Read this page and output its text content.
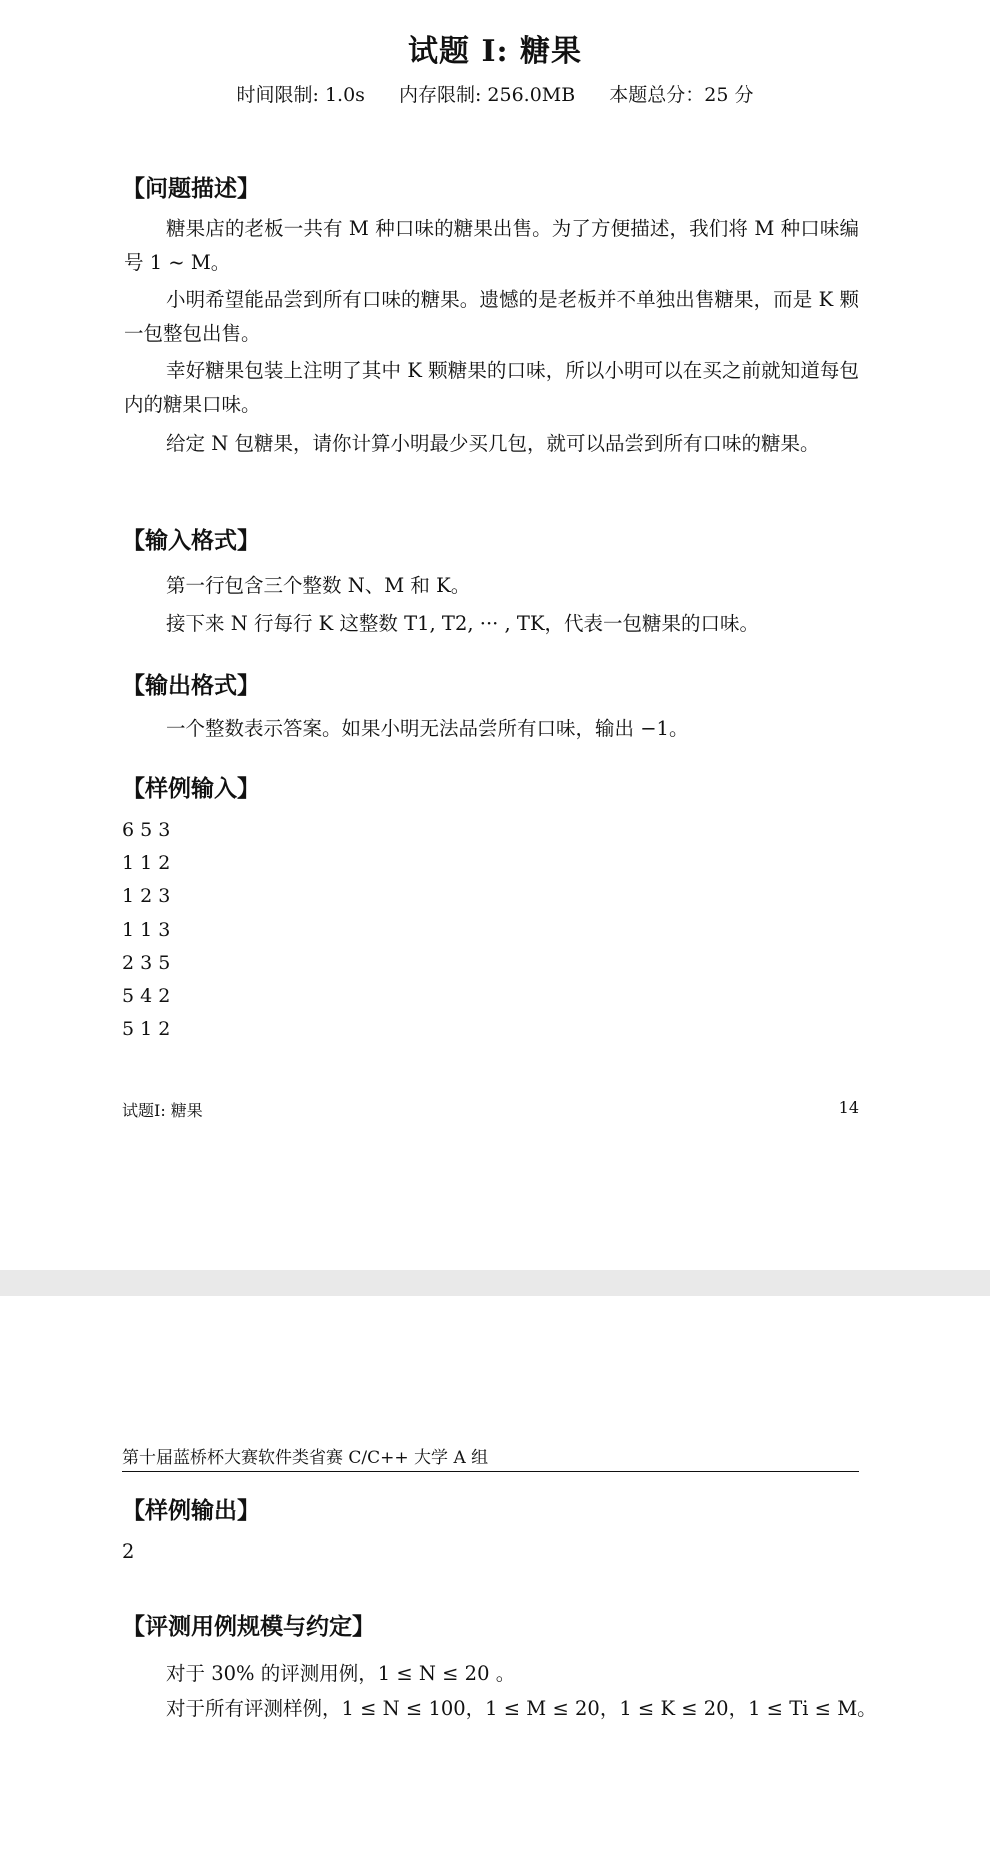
试题 I: 糖果
时间限制: 1.0s 内存限制: 256.0MB 本题总分：25 分
【问题描述】
糖果店的老板一共有 M 种口味的糖果出售。为了方便描述，我们将 M 种口味编号 1 ~ M。
小明希望能品尝到所有口味的糖果。遗憾的是老板并不单独出售糖果，而是 K 颗一包整包出售。
幸好糖果包装上注明了其中 K 颗糖果的口味，所以小明可以在买之前就知道每包内的糖果口味。
给定 N 包糖果，请你计算小明最少买几包，就可以品尝到所有口味的糖果。
【输入格式】
第一行包含三个整数 N、M 和 K。
接下来 N 行每行 K 这整数 T1, T2, ··· , TK，代表一包糖果的口味。
【输出格式】
一个整数表示答案。如果小明无法品尝所有口味，输出 −1。
【样例输入】
6 5 3
1 1 2
1 2 3
1 1 3
2 3 5
5 4 2
5 1 2
试题I: 糖果	14
第十届蓝桥杯大赛软件类省赛 C/C++ 大学 A 组
【样例输出】
2
【评测用例规模与约定】
对于 30% 的评测用例，1 ≤ N ≤ 20 。
对于所有评测样例，1 ≤ N ≤ 100，1 ≤ M ≤ 20，1 ≤ K ≤ 20，1 ≤ Ti ≤ M。
